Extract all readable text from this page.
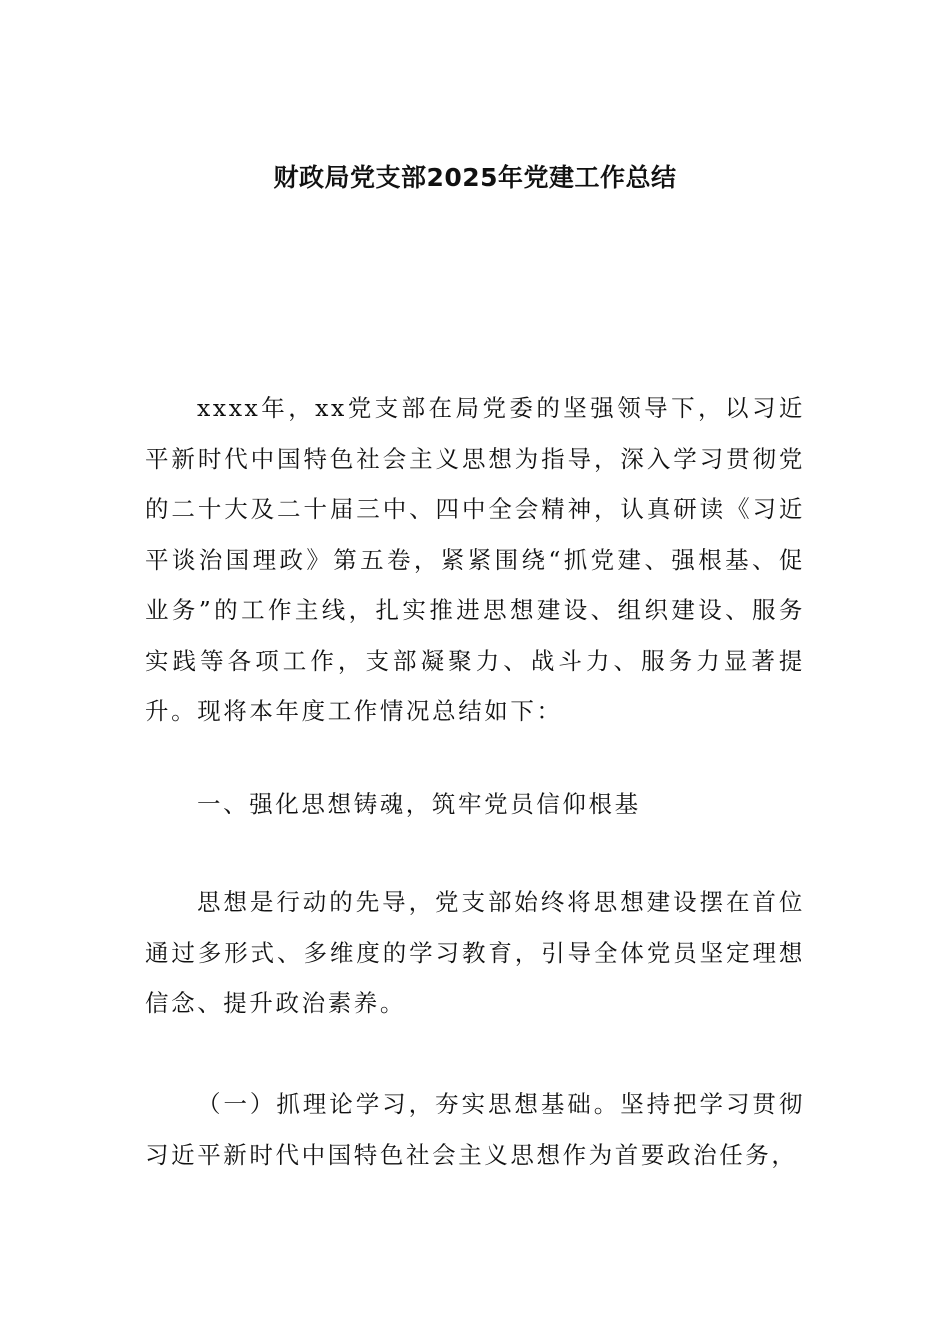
财政局党支部2025年党建工作总结

xxxx年，xx党支部在局党委的坚强领导下，以习近平新时代中国特色社会主义思想为指导，深入学习贯彻党的二十大及二十届三中、四中全会精神，认真研读《习近平谈治国理政》第五卷，紧紧围绕“抓党建、强根基、促业务”的工作主线，扎实推进思想建设、组织建设、服务实践等各项工作，支部凝聚力、战斗力、服务力显著提升。现将本年度工作情况总结如下：

一、强化思想铸魂，筑牢党员信仰根基

思想是行动的先导，党支部始终将思想建设摆在首位通过多形式、多维度的学习教育，引导全体党员坚定理想信念、提升政治素养。

（一）抓理论学习，夯实思想基础。坚持把学习贯彻习近平新时代中国特色社会主义思想作为首要政治任务，
